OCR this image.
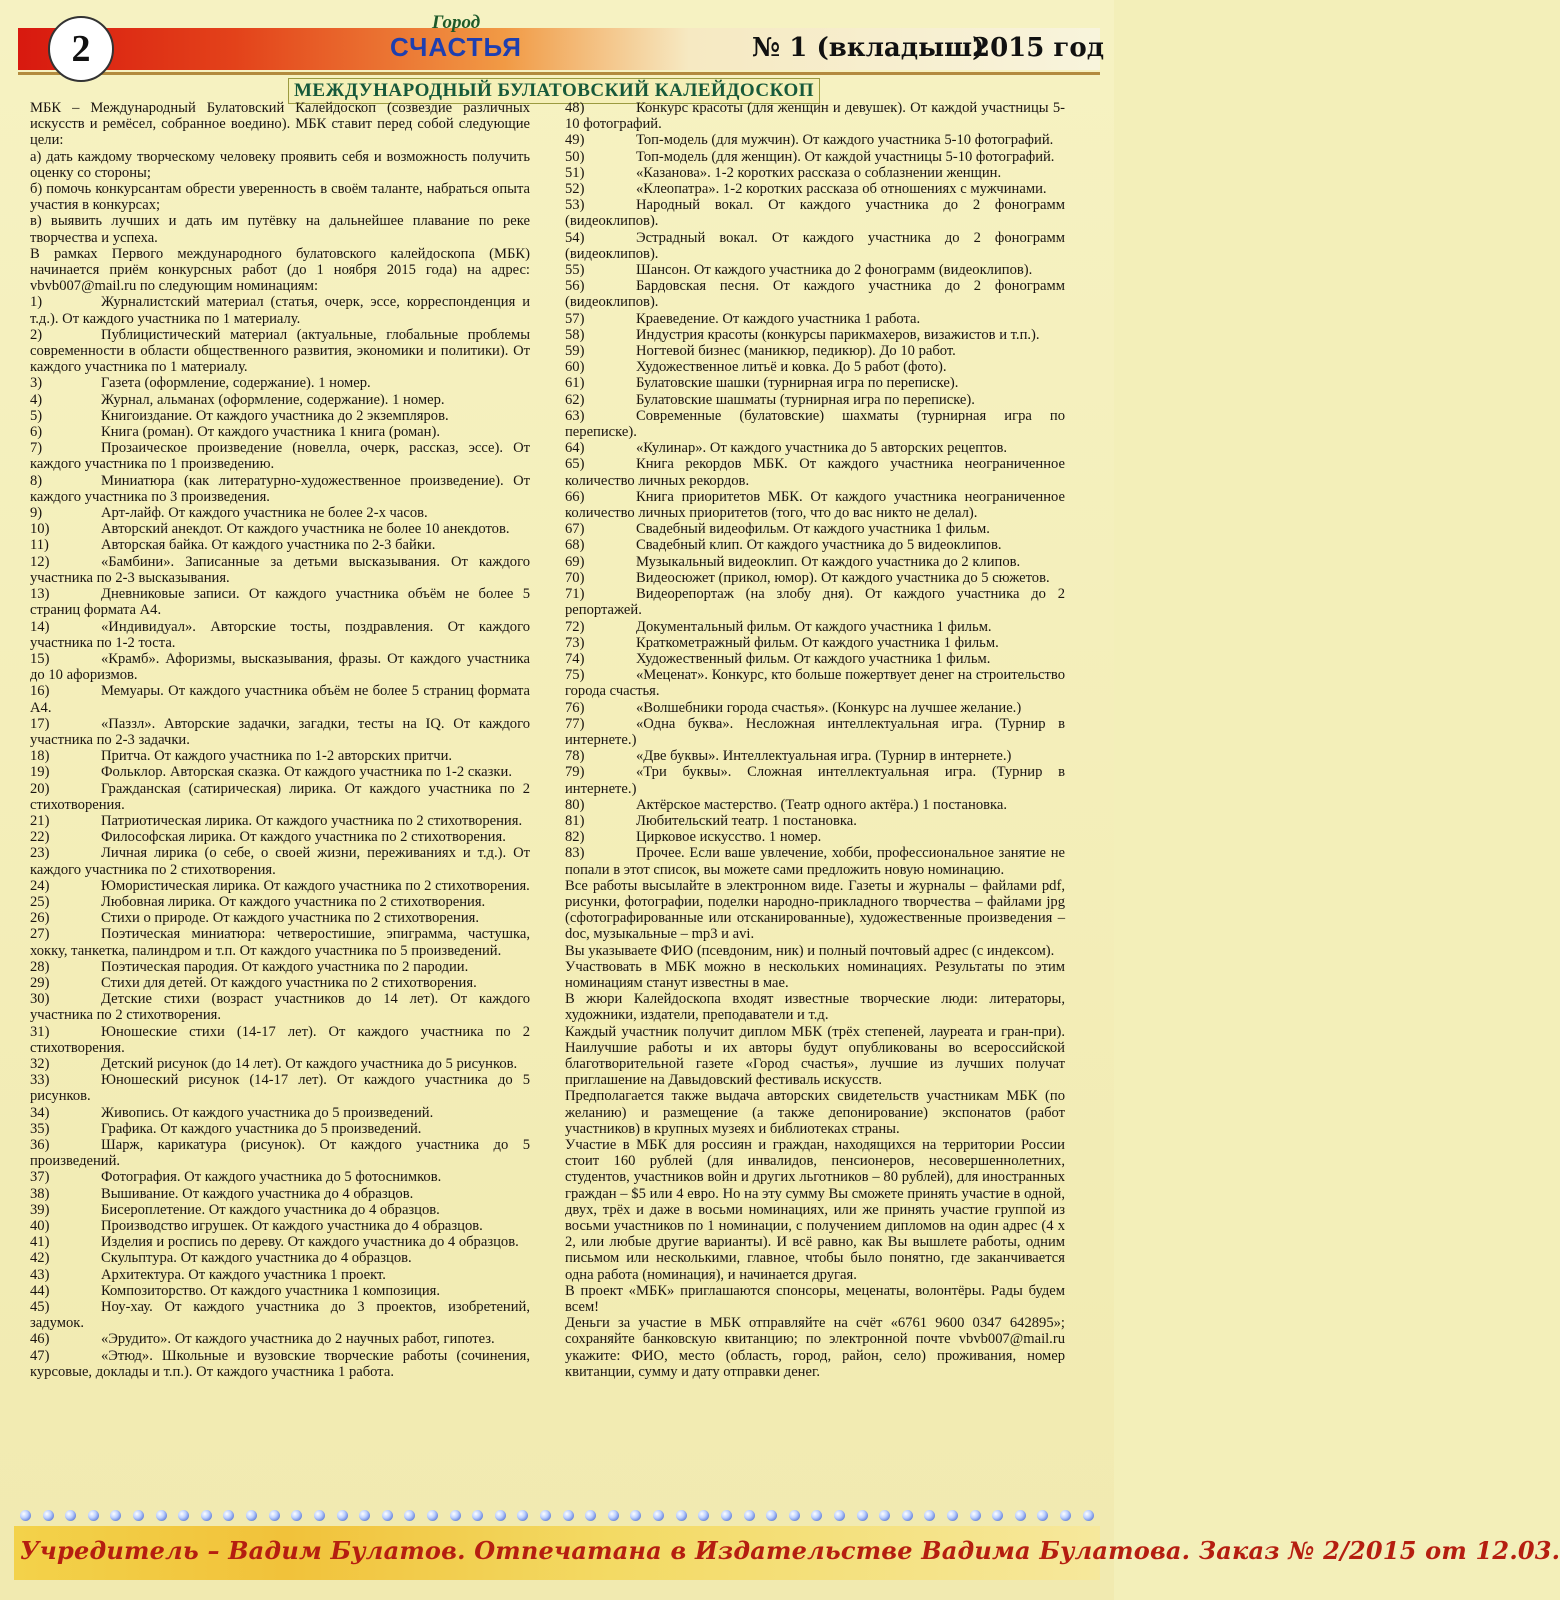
2
Город
СЧАСТЬЯ	№ 1 (вкладыш)
2015 год
МЕЖДУНАРОДНЫЙ БУЛАТОВСКИЙ КАЛЕЙДОСКОП

МБК – Международный Булатовский Калейдоскоп (созвездие различных искусств и ремёсел, собранное воедино). МБК ставит перед собой следующие цели:

а) дать каждому творческому человеку проявить себя и возможность получить оценку со стороны;

б) помочь конкурсантам обрести уверенность в своём таланте, набраться опыта участия в конкурсах;

в) выявить лучших и дать им путёвку на дальнейшее плавание по реке творчества и успеха.

В рамках Первого международного булатовского калейдоскопа (МБК) начинается приём конкурсных работ (до 1 ноября 2015 года) на адрес: vbvb007@mail.ru по следующим номинациям:

1)	Журналистский материал (статья, очерк, эссе, корреспонденция и т.д.). От каждого участника по 1 материалу.

2)	Публицистический материал (актуальные, глобальные проблемы современности в области общественного развития, экономики и политики). От каждого участника по 1 материалу.

3)	Газета (оформление, содержание). 1 номер.

4)	Журнал, альманах (оформление, содержание). 1 номер.

5)	Книгоиздание. От каждого участника до 2 экземпляров.

6)	Книга (роман). От каждого участника 1 книга (роман).

7)	Прозаическое произведение (новелла, очерк, рассказ, эссе). От каждого участника по 1 произведению.

8)	Миниатюра (как литературно-художественное произведение). От каждого участника по 3 произведения.

9)	Арт-лайф. От каждого участника не более 2-х часов.

10)	Авторский анекдот. От каждого участника не более 10 анекдотов.

11)	Авторская байка. От каждого участника по 2-3 байки.

12)	«Бамбини». Записанные за детьми высказывания. От каждого участника по 2-3 высказывания.

13)	Дневниковые записи. От каждого участника объём не более 5 страниц формата А4.

14)	«Индивидуал». Авторские тосты, поздравления. От каждого участника по 1-2 тоста.

15)	«Крамб». Афоризмы, высказывания, фразы. От каждого участника до 10 афоризмов.

16)	Мемуары. От каждого участника объём не более 5 страниц формата А4.

17)	«Паззл». Авторские задачки, загадки, тесты на IQ. От каждого участника по 2-3 задачки.

18)	Притча. От каждого участника по 1-2 авторских притчи.

19)	Фольклор. Авторская сказка. От каждого участника по 1-2 сказки.

20)	Гражданская (сатирическая) лирика. От каждого участника по 2 стихотворения.

21)	Патриотическая лирика. От каждого участника по 2 стихотворения.

22)	Философская лирика. От каждого участника по 2 стихотворения.

23)	Личная лирика (о себе, о своей жизни, переживаниях и т.д.). От каждого участника по 2 стихотворения.

24)	Юмористическая лирика. От каждого участника по 2 стихотворения.

25)	Любовная лирика. От каждого участника по 2 стихотворения.

26)	Стихи о природе. От каждого участника по 2 стихотворения.

27)	Поэтическая миниатюра: четверостишие, эпиграмма, частушка, хокку, танкетка, палиндром и т.п. От каждого участника по 5 произведений.

28)	Поэтическая пародия. От каждого участника по 2 пародии.

29)	Стихи для детей. От каждого участника по 2 стихотворения.

30)	Детские стихи (возраст участников до 14 лет). От каждого участника по 2 стихотворения.

31)	Юношеские стихи (14-17 лет). От каждого участника по 2 стихотворения.

32)	Детский рисунок (до 14 лет). От каждого участника до 5 рисунков.

33)	Юношеский рисунок (14-17 лет). От каждого участника до 5 рисунков.

34)	Живопись. От каждого участника до 5 произведений.

35)	Графика. От каждого участника до 5 произведений.

36)	Шарж, карикатура (рисунок). От каждого участника до 5 произведений.

37)	Фотография. От каждого участника до 5 фотоснимков.

38)	Вышивание. От каждого участника до 4 образцов.

39)	Бисероплетение. От каждого участника до 4 образцов.

40)	Производство игрушек. От каждого участника до 4 образцов.

41)	Изделия и роспись по дереву. От каждого участника до 4 образцов.

42)	Скульптура. От каждого участника до 4 образцов.

43)	Архитектура. От каждого участника 1 проект.

44)	Композиторство. От каждого участника 1 композиция.

45)	Ноу-хау. От каждого участника до 3 проектов, изобретений, задумок.

46)	«Эрудито». От каждого участника до 2 научных работ, гипотез.

47)	«Этюд». Школьные и вузовские творческие работы (сочинения, курсовые, доклады и т.п.). От каждого участника 1 работа.

48)	Конкурс красоты (для женщин и девушек). От каждой участницы 5-10 фотографий.

49)	Топ-модель (для мужчин). От каждого участника 5-10 фотографий.

50)	Топ-модель (для женщин). От каждой участницы 5-10 фотографий.

51)	«Казанова». 1-2 коротких рассказа о соблазнении женщин.

52)	«Клеопатра». 1-2 коротких рассказа об отношениях с мужчинами.

53)	Народный вокал. От каждого участника до 2 фонограмм (видеоклипов).

54)	Эстрадный вокал. От каждого участника до 2 фонограмм (видеоклипов).

55)	Шансон. От каждого участника до 2 фонограмм (видеоклипов).

56)	Бардовская песня. От каждого участника до 2 фонограмм (видеоклипов).

57)	Краеведение. От каждого участника 1 работа.

58)	Индустрия красоты (конкурсы парикмахеров, визажистов и т.п.).

59)	Ногтевой бизнес (маникюр, педикюр). До 10 работ.

60)	Художественное литьё и ковка. До 5 работ (фото).

61)	Булатовские шашки (турнирная игра по переписке).

62)	Булатовские шашматы (турнирная игра по переписке).

63)	Современные (булатовские) шахматы (турнирная игра по переписке).

64)	«Кулинар». От каждого участника до 5 авторских рецептов.

65)	Книга рекордов МБК. От каждого участника неограниченное количество личных рекордов.

66)	Книга приоритетов МБК. От каждого участника неограниченное количество личных приоритетов (того, что до вас никто не делал).

67)	Свадебный видеофильм. От каждого участника 1 фильм.

68)	Свадебный клип. От каждого участника до 5 видеоклипов.

69)	Музыкальный видеоклип. От каждого участника до 2 клипов.

70)	Видеосюжет (прикол, юмор). От каждого участника до 5 сюжетов.

71)	Видеорепортаж (на злобу дня). От каждого участника до 2 репортажей.

72)	Документальный фильм. От каждого участника 1 фильм.

73)	Краткометражный фильм. От каждого участника 1 фильм.

74)	Художественный фильм. От каждого участника 1 фильм.

75)	«Меценат». Конкурс, кто больше пожертвует денег на строительство города счастья.

76)	«Волшебники города счастья». (Конкурс на лучшее желание.)

77)	«Одна буква». Несложная интеллектуальная игра. (Турнир в интернете.)

78)	«Две буквы». Интеллектуальная игра. (Турнир в интернете.)

79)	«Три буквы». Сложная интеллектуальная игра. (Турнир в интернете.)

80)	Актёрское мастерство. (Театр одного актёра.) 1 постановка.

81)	Любительский театр. 1 постановка.

82)	Цирковое искусство. 1 номер.

83)	Прочее. Если ваше увлечение, хобби, профессиональное занятие не попали в этот список, вы можете сами предложить новую номинацию.

Все работы высылайте в электронном виде. Газеты и журналы – файлами pdf, рисунки, фотографии, поделки народно-прикладного творчества – файлами jpg (сфотографированные или отсканированные), художественные произведения – doc, музыкальные – mp3 и avi.

Вы указываете ФИО (псевдоним, ник) и полный почтовый адрес (с индексом).

Участвовать в МБК можно в нескольких номинациях. Результаты по этим номинациям станут известны в мае.

В жюри Калейдоскопа входят известные творческие люди: литераторы, художники, издатели, преподаватели и т.д.

Каждый участник получит диплом МБК (трёх степеней, лауреата и гран-при). Наилучшие работы и их авторы будут опубликованы во всероссийской благотворительной газете «Город счастья», лучшие из лучших получат приглашение на Давыдовский фестиваль искусств.

Предполагается также выдача авторских свидетельств участникам МБК (по желанию) и размещение (а также депонирование) экспонатов (работ участников) в крупных музеях и библиотеках страны.

Участие в МБК для россиян и граждан, находящихся на территории России стоит 160 рублей (для инвалидов, пенсионеров, несовершеннолетних, студентов, участников войн и других льготников – 80 рублей), для иностранных граждан – $5 или 4 евро. Но на эту сумму Вы сможете принять участие в одной, двух, трёх и даже в восьми номинациях, или же принять участие группой из восьми участников по 1 номинации, с получением дипломов на один адрес (4 х 2, или любые другие варианты). И всё равно, как Вы вышлете работы, одним письмом или несколькими, главное, чтобы было понятно, где заканчивается одна работа (номинация), и начинается другая.

В проект «МБК» приглашаются спонсоры, меценаты, волонтёры. Рады будем всем!

Деньги за участие в МБК отправляйте на счёт «6761 9600 0347 642895»; сохраняйте банковскую квитанцию; по электронной почте vbvb007@mail.ru укажите: ФИО, место (область, город, район, село) проживания, номер квитанции, сумму и дату отправки денег.

Учредитель – Вадим Булатов. Отпечатана в Издательстве Вадима Булатова. Заказ № 2/2015 от 12.03.
